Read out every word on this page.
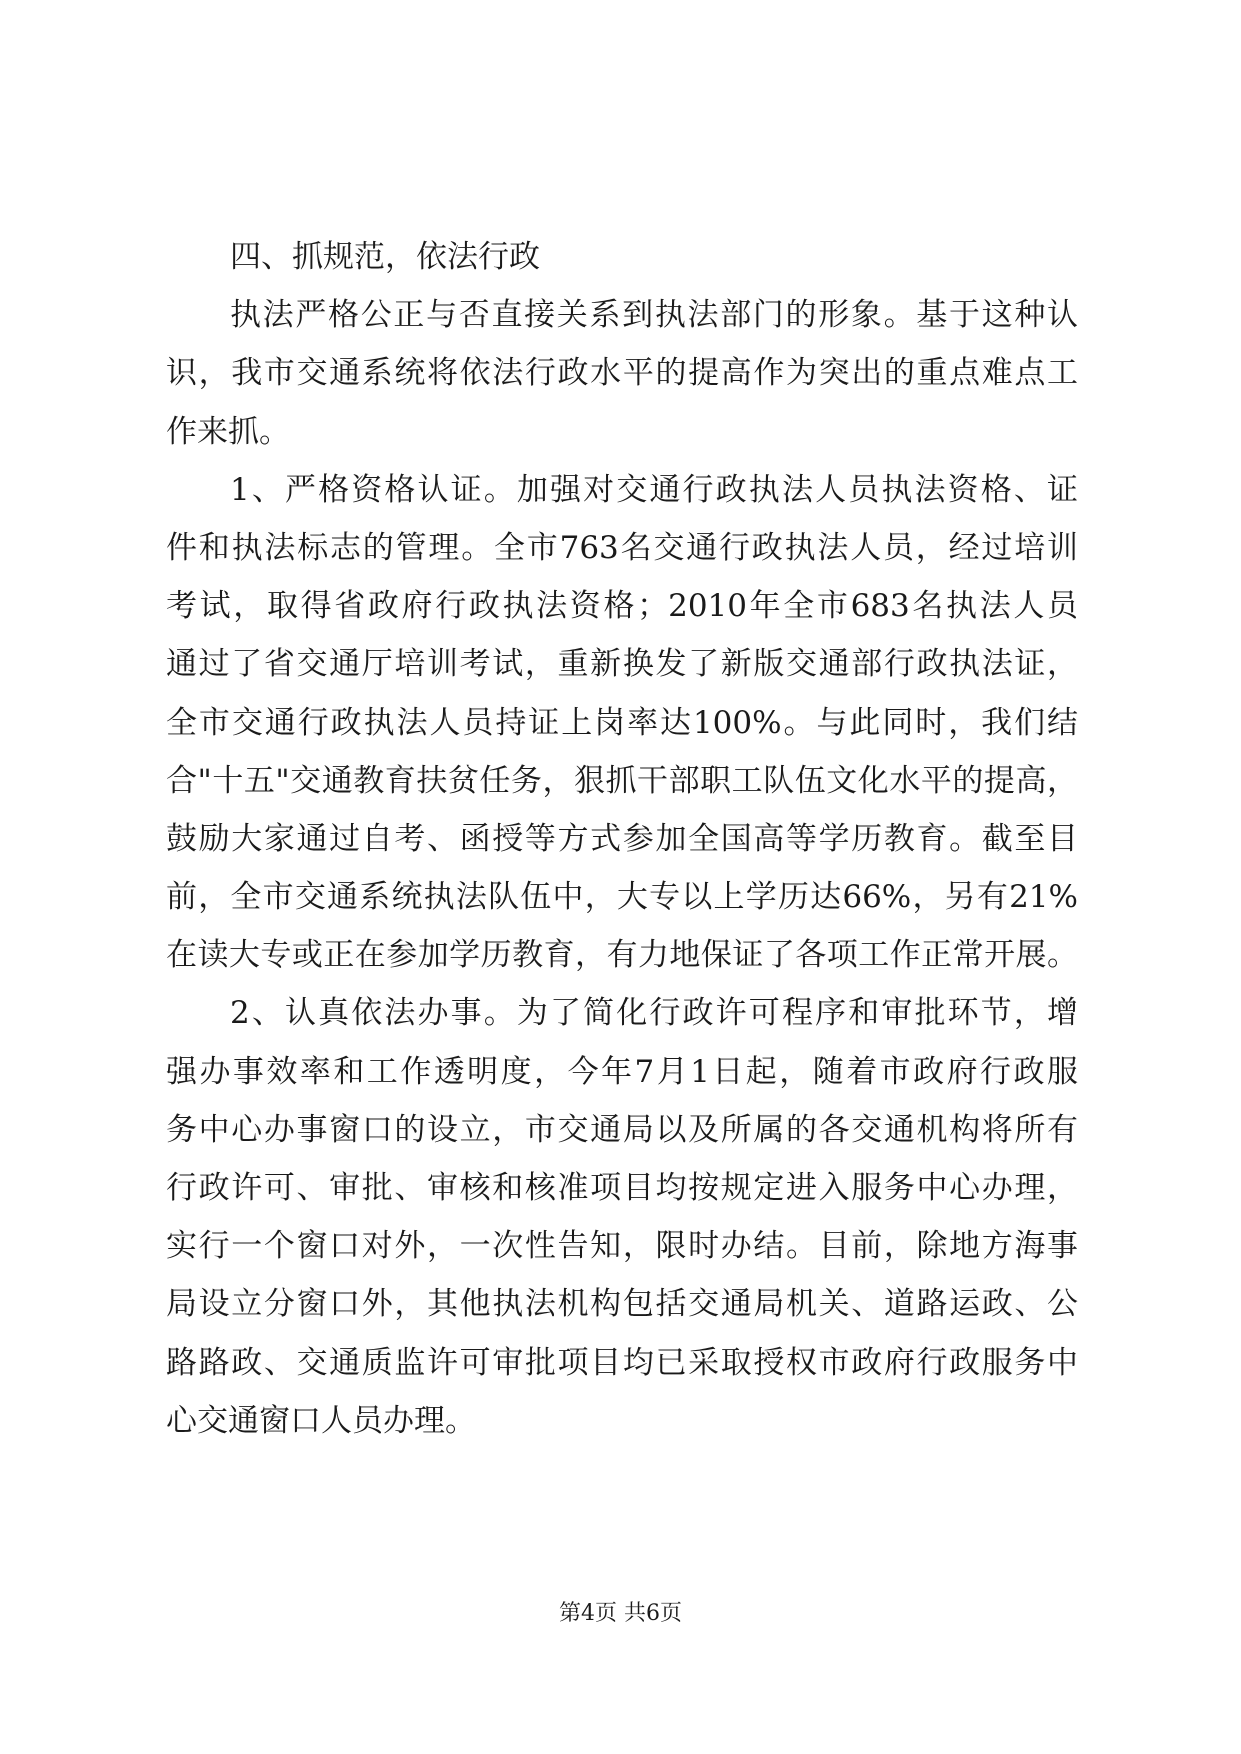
四、抓规范，依法行政
执法严格公正与否直接关系到执法部门的形象。基于这种认
识，我市交通系统将依法行政水平的提高作为突出的重点难点工
作来抓。
1、严格资格认证。加强对交通行政执法人员执法资格、证
件和执法标志的管理。全市763名交通行政执法人员，经过培训
考试，取得省政府行政执法资格；2010年全市683名执法人员
通过了省交通厅培训考试，重新换发了新版交通部行政执法证，
全市交通行政执法人员持证上岗率达100%。与此同时，我们结
合"十五"交通教育扶贫任务，狠抓干部职工队伍文化水平的提高，
鼓励大家通过自考、函授等方式参加全国高等学历教育。截至目
前，全市交通系统执法队伍中，大专以上学历达66%，另有21%
在读大专或正在参加学历教育，有力地保证了各项工作正常开展。
2、认真依法办事。为了简化行政许可程序和审批环节，增
强办事效率和工作透明度，今年7月1日起，随着市政府行政服
务中心办事窗口的设立，市交通局以及所属的各交通机构将所有
行政许可、审批、审核和核准项目均按规定进入服务中心办理，
实行一个窗口对外，一次性告知，限时办结。目前，除地方海事
局设立分窗口外，其他执法机构包括交通局机关、道路运政、公
路路政、交通质监许可审批项目均已采取授权市政府行政服务中
心交通窗口人员办理。
第4页 共6页
